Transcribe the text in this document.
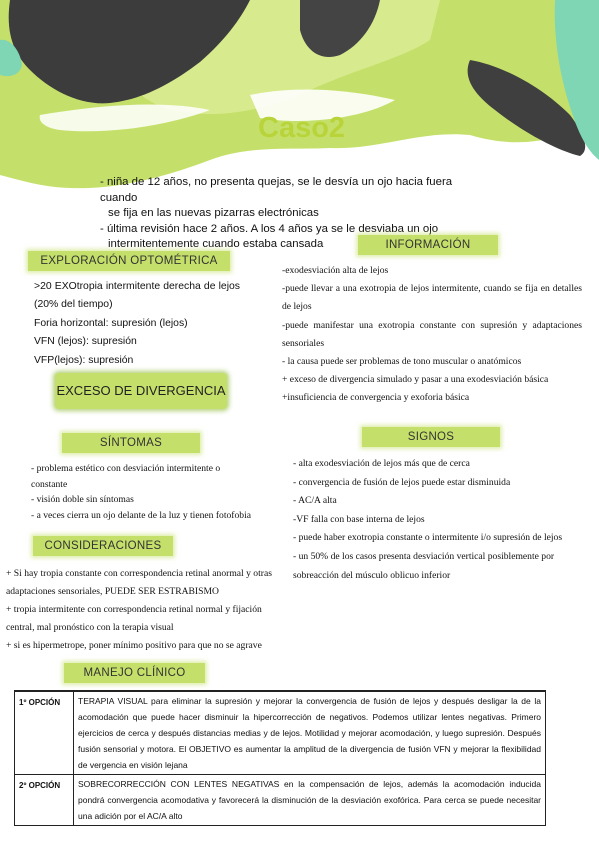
Caso2

- niña de 12 años, no presenta quejas, se le desvía un ojo hacia fuera cuando

se fija en las nuevas pizarras electrónicas

- última revisión hace 2 años. A los 4 años ya se le desviaba un ojo

intermitentemente cuando estaba cansada

EXPLORACIÓN OPTOMÉTRICA

>20 EXOtropia intermitente derecha de lejos (20% del tiempo)

Foria horizontal: supresión (lejos)

VFN (lejos): supresión

VFP(lejos): supresión

EXCESO DE DIVERGENCIA
INFORMACIÓN

-exodesviación alta de lejos

-puede llevar a una exotropia de lejos intermitente, cuando se fija en detalles de lejos

-puede manifestar una exotropia constante con supresión y adaptaciones sensoriales

- la causa puede ser problemas de tono muscular o anatómicos

+ exceso de divergencia simulado y pasar a una exodesviación básica

+insuficiencia de convergencia y exoforia básica

SÍNTOMAS

- problema estético con desviación intermitente o constante

- visión doble sin síntomas

- a veces cierra un ojo delante de la luz y tienen fotofobia

SIGNOS

- alta exodesviación de lejos más que de cerca

- convergencia de fusión de lejos puede estar disminuida

- AC/A alta

-VF falla con base interna de lejos

- puede haber exotropia constante o intermitente i/o supresión de lejos

- un 50% de los casos presenta desviación vertical posiblemente por sobreacción del músculo oblicuo inferior

CONSIDERACIONES

+ Si hay tropia constante con correspondencia retinal anormal y otras adaptaciones sensoriales, PUEDE SER ESTRABISMO

+ tropia intermitente con correspondencia retinal normal y fijación central, mal pronóstico con la terapia visual

+ si es hipermetrope, poner mínimo positivo para que no se agrave

MANEJO CLÍNICO
1º OPCIÓN	TERAPIA VISUAL para eliminar la supresión y mejorar la convergencia de fusión de lejos y después desligar la de la acomodación que puede hacer disminuir la hipercorrección de negativos. Podemos utilizar lentes negativas. Primero ejercicios de cerca y después distancias medias y de lejos. Motilidad y mejorar acomodación, y luego supresión. Después fusión sensorial y motora. El OBJETIVO es aumentar la amplitud de la divergencia de fusión VFN y mejorar la flexibilidad de vergencia en visión lejana
2º OPCIÓN	SOBRECORRECCIÓN CON LENTES NEGATIVAS en la compensación de lejos, además la acomodación inducida pondrá convergencia acomodativa y favorecerá la disminución de la desviación exofórica. Para cerca se puede necesitar una adición por el AC/A alto
